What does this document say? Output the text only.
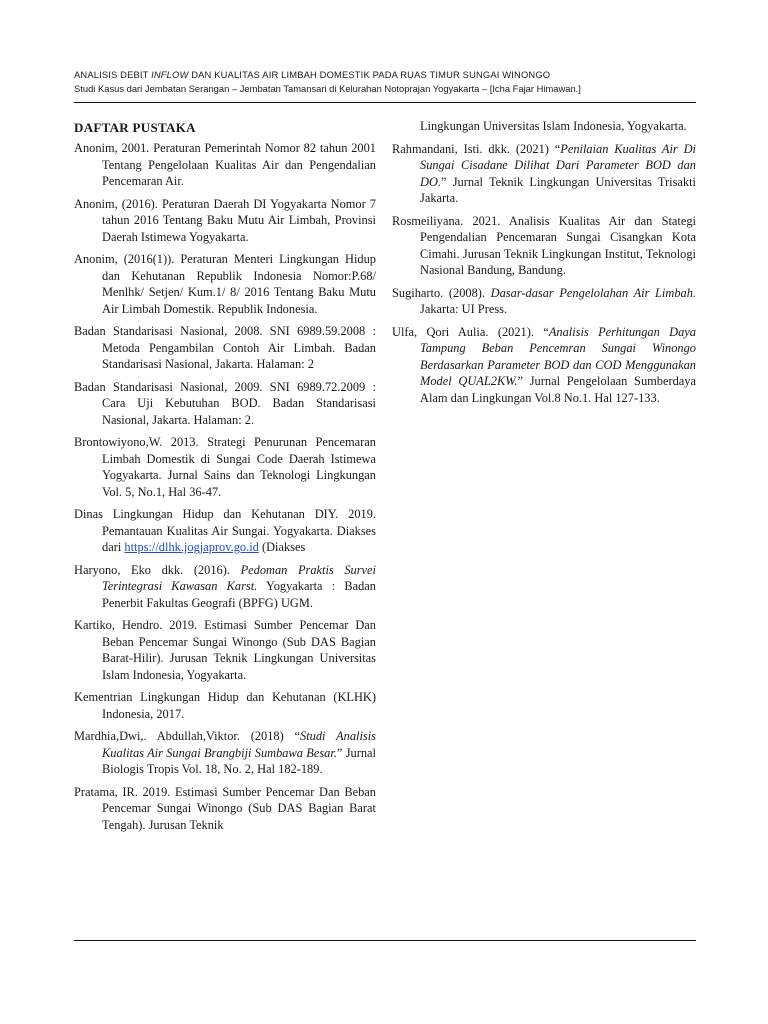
ANALISIS DEBIT INFLOW DAN KUALITAS AIR LIMBAH DOMESTIK PADA RUAS TIMUR SUNGAI WINONGO
Studi Kasus dari Jembatan Serangan – Jembatan Tamansari di Kelurahan Notoprajan Yogyakarta – [Icha Fajar Himawan.]
DAFTAR PUSTAKA

Anonim, 2001. Peraturan Pemerintah Nomor 82 tahun 2001 Tentang Pengelolaan Kualitas Air dan Pengendalian Pencemaran Air.

Anonim, (2016). Peraturan Daerah DI Yogyakarta Nomor 7 tahun 2016 Tentang Baku Mutu Air Limbah, Provinsi Daerah Istimewa Yogyakarta.

Anonim, (2016(1)). Peraturan Menteri Lingkungan Hidup dan Kehutanan Republik Indonesia Nomor:P.68/ Menlhk/ Setjen/ Kum.1/ 8/ 2016 Tentang Baku Mutu Air Limbah Domestik. Republik Indonesia.

Badan Standarisasi Nasional, 2008. SNI 6989.59.2008 : Metoda Pengambilan Contoh Air Limbah. Badan Standarisasi Nasional, Jakarta. Halaman: 2

Badan Standarisasi Nasional, 2009. SNI 6989.72.2009 : Cara Uji Kebutuhan BOD. Badan Standarisasi Nasional, Jakarta. Halaman: 2.

Brontowiyono,W. 2013. Strategi Penurunan Pencemaran Limbah Domestik di Sungai Code Daerah Istimewa Yogyakarta. Jurnal Sains dan Teknologi Lingkungan Vol. 5, No.1, Hal 36-47.

Dinas Lingkungan Hidup dan Kehutanan DIY. 2019. Pemantauan Kualitas Air Sungai. Yogyakarta. Diakses dari https://dlhk.jogjaprov.go.id (Diakses

Haryono, Eko dkk. (2016). Pedoman Praktis Survei Terintegrasi Kawasan Karst. Yogyakarta : Badan Penerbit Fakultas Geografi (BPFG) UGM.

Kartiko, Hendro. 2019. Estimasi Sumber Pencemar Dan Beban Pencemar Sungai Winongo (Sub DAS Bagian Barat-Hilir). Jurusan Teknik Lingkungan Universitas Islam Indonesia, Yogyakarta.

Kementrian Lingkungan Hidup dan Kehutanan (KLHK) Indonesia, 2017.

Mardhia,Dwi,. Abdullah,Viktor. (2018) “Studi Analisis Kualitas Air Sungai Brangbiji Sumbawa Besar.” Jurnal Biologis Tropis Vol. 18, No. 2, Hal 182-189.

Pratama, IR. 2019. Estimasi Sumber Pencemar Dan Beban Pencemar Sungai Winongo (Sub DAS Bagian Barat Tengah). Jurusan Teknik

Lingkungan Universitas Islam Indonesia, Yogyakarta.

Rahmandani, Isti. dkk. (2021) “Penilaian Kualitas Air Di Sungai Cisadane Dilihat Dari Parameter BOD dan DO.” Jurnal Teknik Lingkungan Universitas Trisakti Jakarta.

Rosmeiliyana. 2021. Analisis Kualitas Air dan Stategi Pengendalian Pencemaran Sungai Cisangkan Kota Cimahi. Jurusan Teknik Lingkungan Institut, Teknologi Nasional Bandung, Bandung.

Sugiharto. (2008). Dasar-dasar Pengelolahan Air Limbah. Jakarta: UI Press.

Ulfa, Qori Aulia. (2021). “Analisis Perhitungan Daya Tampung Beban Pencemran Sungai Winongo Berdasarkan Parameter BOD dan COD Menggunakan Model QUAL2KW.” Jurnal Pengelolaan Sumberdaya Alam dan Lingkungan Vol.8 No.1. Hal 127-133.
